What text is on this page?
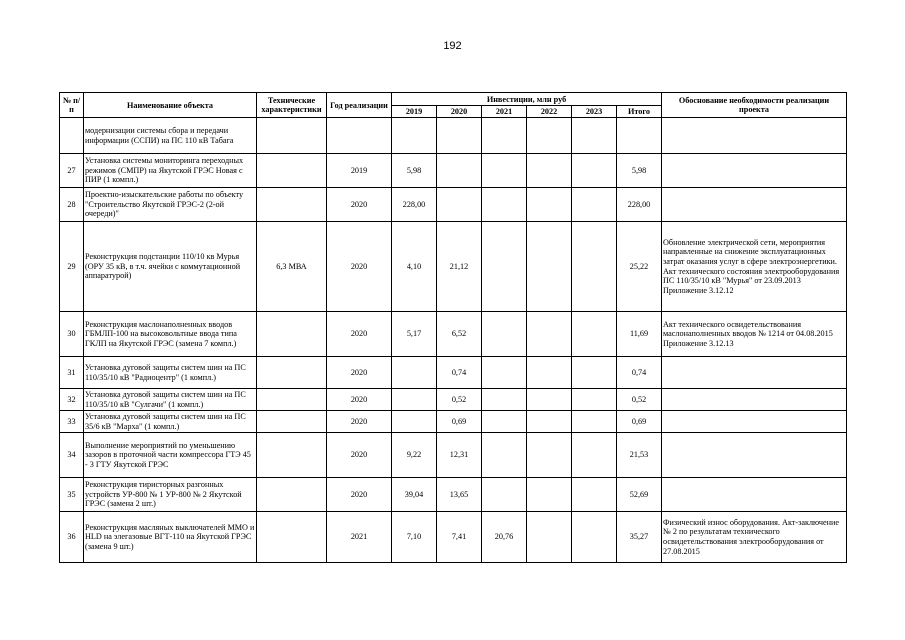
192
№ п/п	Наименование объекта	Технические характеристики	Год реализации	Инвестиции, млн руб						Обоснование необходимости реализации проекта
				2019	2020	2021	2022	2023	Итого	
	модернизации системы сбора и передачи информации (ССПИ) на ПС 110 кВ Табага									
27	Установка системы мониторинга переходных режимов (СМПР) на Якутской ГРЭС Новая с ПИР (1 компл.)		2019	5,98					5,98	
28	Проектно-изыскательские работы по объекту "Строительство Якутской ГРЭС-2 (2-ой очереди)"		2020	228,00					228,00	
29	Реконструкция подстанции 110/10 кв Мурья (ОРУ 35 кВ, в т.ч. ячейки с коммутационной аппаратурой)	6,3 МВА	2020	4,10	21,12				25,22	Обновление электрической сети, мероприятия направленные на снижение эксплуатационных затрат оказания услуг в сфере электроэнергетики. Акт технического состояния электрооборудования ПС 110/35/10 кВ "Мурья" от 23.09.2013 Приложение 3.12.12
30	Реконструкция маслонаполненных вводов ГБМЛП-100 на высоковольтные ввода типа ГКЛП на Якутской ГРЭС (замена 7 компл.)		2020	5,17	6,52				11,69	Акт технического освидетельствования маслонаполненных вводов № 1214 от 04.08.2015 Приложение 3.12.13
31	Установка дуговой защиты систем шин на ПС 110/35/10 кВ "Радиоцентр" (1 компл.)		2020		0,74				0,74	
32	Установка дуговой защиты систем шин на ПС 110/35/10 кВ "Сулгачи" (1 компл.)		2020		0,52				0,52	
33	Установка дуговой защиты систем шин на ПС 35/6 кВ "Марха" (1 компл.)		2020		0,69				0,69	
34	Выполнение мероприятий по уменьшению зазоров в проточной части компрессора ГТЭ 45 - 3 ГТУ Якутской ГРЭС		2020	9,22	12,31				21,53	
35	Реконструкция тиристорных разгонных устройств УР-800 № 1 УР-800 № 2 Якутской ГРЭС (замена 2 шт.)		2020	39,04	13,65				52,69	
36	Реконструкция масляных выключателей ММО и HLD на элегазовые ВГТ-110 на Якутской ГРЭС (замена 9 шт.)		2021	7,10	7,41	20,76			35,27	Физический износ оборудования. Акт-заключение № 2 по результатам технического освидетельствования электрооборудования от 27.08.2015
